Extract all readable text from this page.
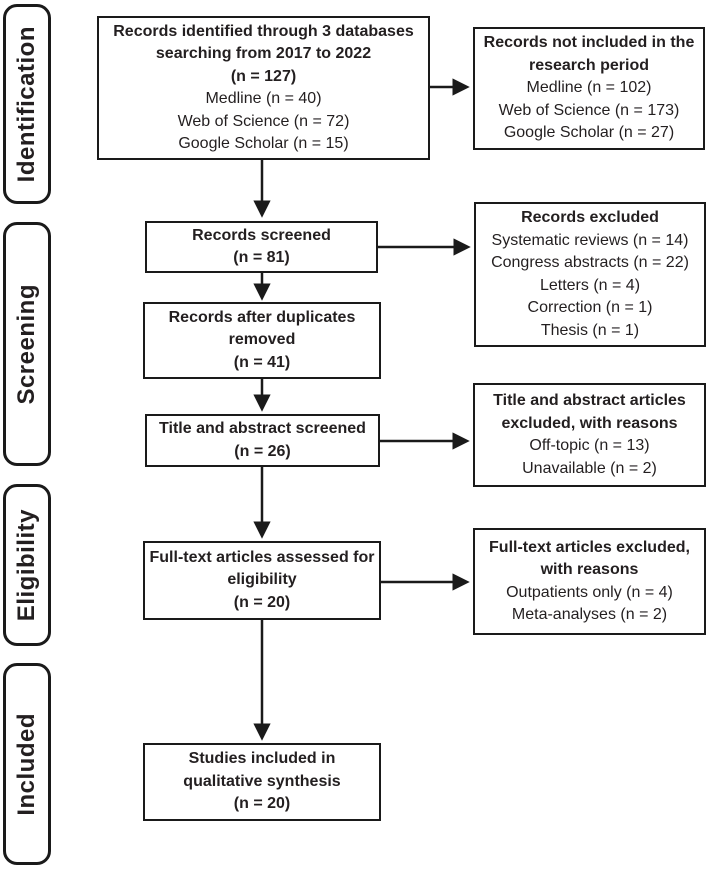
Identification
Screening
Eligibility
Included
Records identified through 3 databases searching from 2017 to 2022
(n = 127)
Medline (n = 40)
Web of Science (n = 72)
Google Scholar (n = 15)
Records screened
(n = 81)
Records after duplicates removed
(n = 41)
Title and abstract screened
(n = 26)
Full-text articles assessed for eligibility
(n = 20)
Studies included in qualitative synthesis
(n = 20)
Records not included in the research period
Medline (n = 102)
Web of Science (n = 173)
Google Scholar (n = 27)
Records excluded
Systematic reviews (n = 14)
Congress abstracts (n = 22)
Letters (n = 4)
Correction (n = 1)
Thesis (n = 1)
Title and abstract articles excluded, with reasons
Off-topic (n = 13)
Unavailable (n = 2)
Full-text articles excluded, with reasons
Outpatients only (n = 4)
Meta-analyses (n = 2)
